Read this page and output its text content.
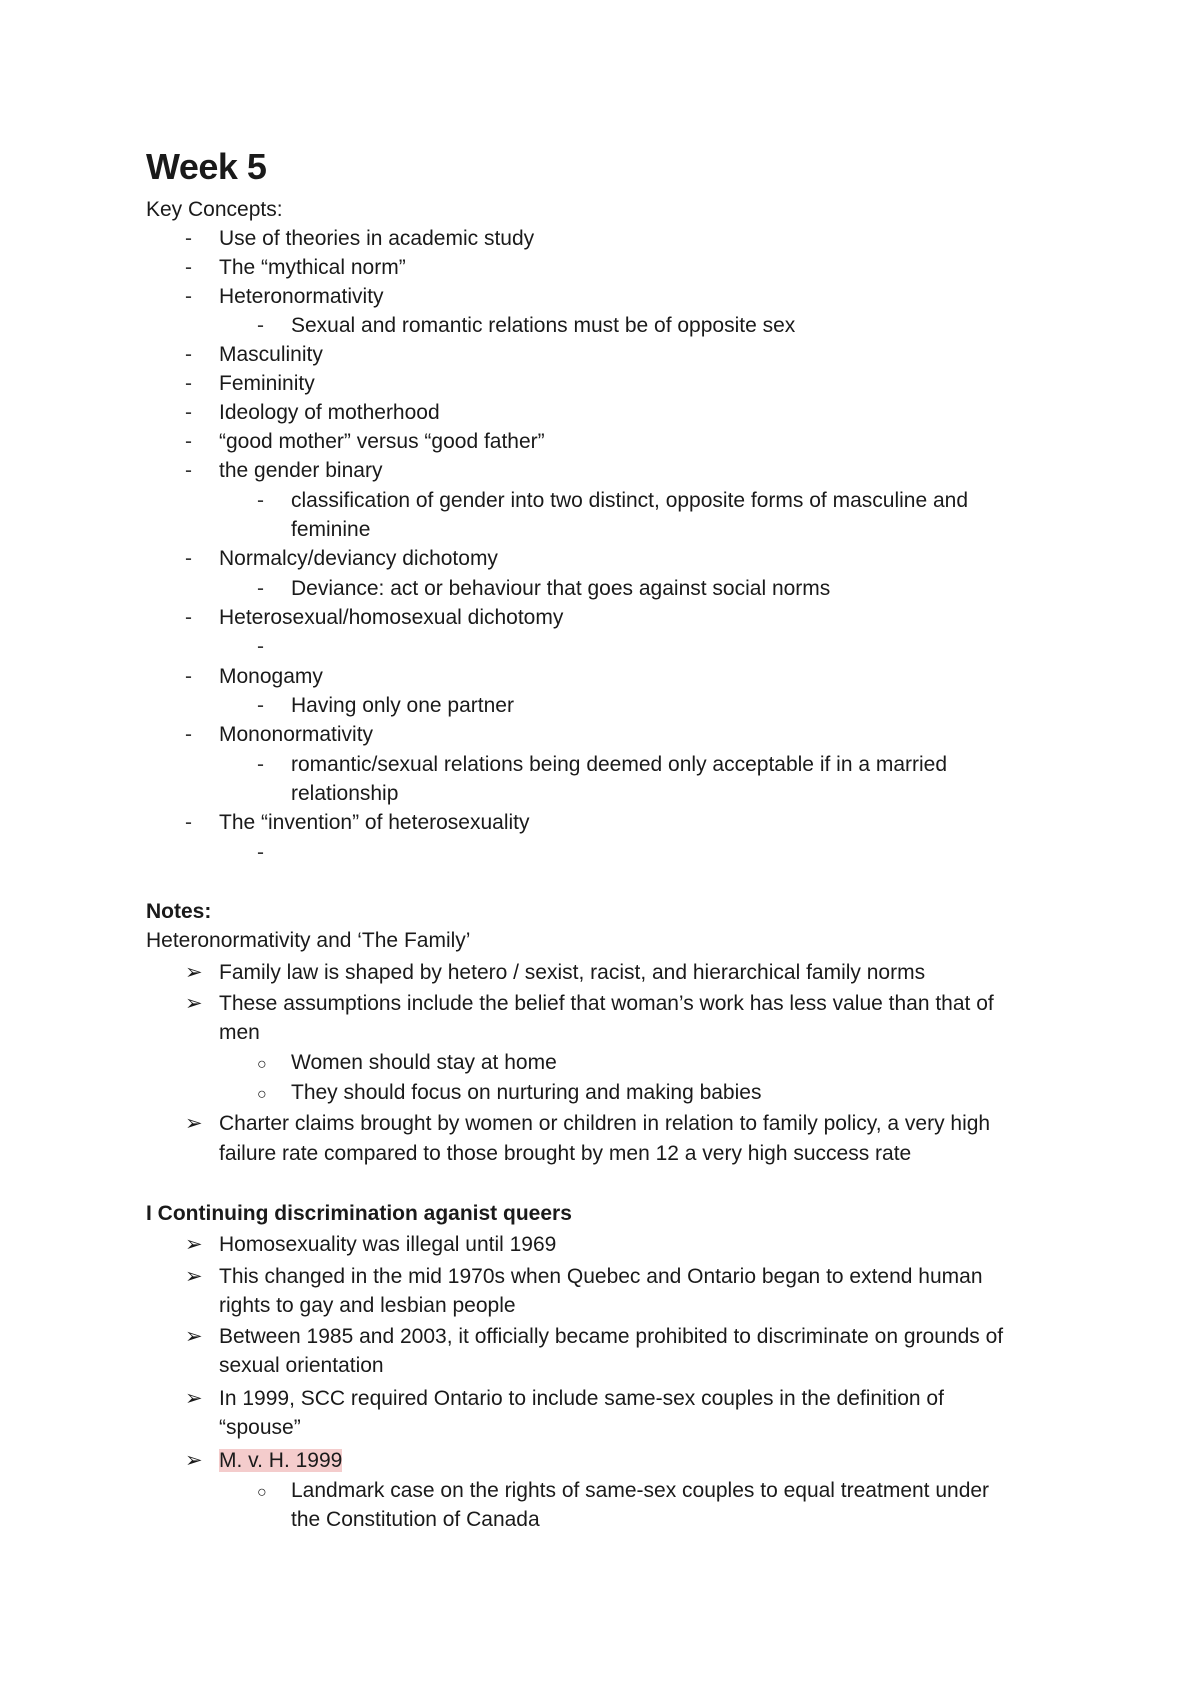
Week 5
Key Concepts:
- Use of theories in academic study
- The “mythical norm”
- Heteronormativity
- Sexual and romantic relations must be of opposite sex
- Masculinity
- Femininity
- Ideology of motherhood
- “good mother” versus “good father”
- the gender binary
- classification of gender into two distinct, opposite forms of masculine and
feminine
- Normalcy/deviancy dichotomy
- Deviance: act or behaviour that goes against social norms
- Heterosexual/homosexual dichotomy
-
- Monogamy
- Having only one partner
- Mononormativity
- romantic/sexual relations being deemed only acceptable if in a married
relationship
- The “invention” of heterosexuality
-
Notes:
Heteronormativity and ‘The Family’
➢ Family law is shaped by hetero / sexist, racist, and hierarchical family norms
➢ These assumptions include the belief that woman’s work has less value than that of
men
○ Women should stay at home
○ They should focus on nurturing and making babies
➢ Charter claims brought by women or children in relation to family policy, a very high
failure rate compared to those brought by men 12 a very high success rate
I Continuing discrimination aganist queers
➢ Homosexuality was illegal until 1969
➢ This changed in the mid 1970s when Quebec and Ontario began to extend human
rights to gay and lesbian people
➢ Between 1985 and 2003, it officially became prohibited to discriminate on grounds of
sexual orientation
➢ In 1999, SCC required Ontario to include same-sex couples in the definition of
“spouse”
➢ M. v. H. 1999
○ Landmark case on the rights of same-sex couples to equal treatment under
the Constitution of Canada
